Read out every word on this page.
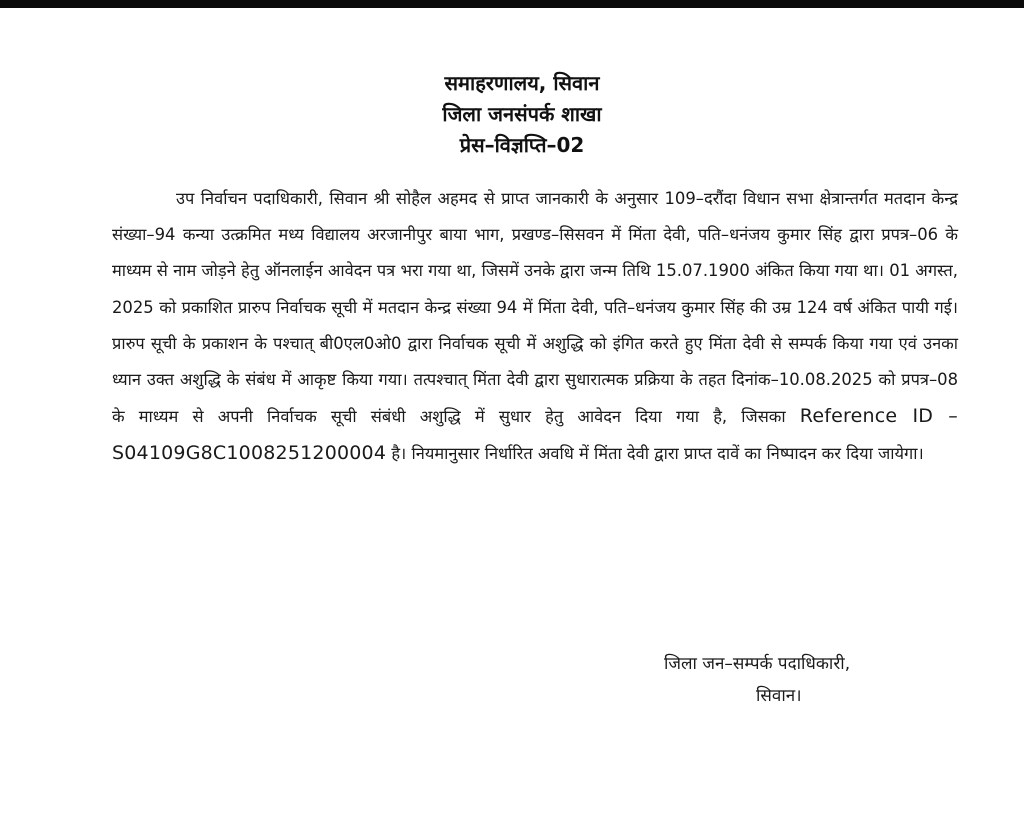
समाहरणालय, सिवान
जिला जनसंपर्क शाखा
प्रेस–विज्ञप्ति–02

उप निर्वाचन पदाधिकारी, सिवान श्री सोहैल अहमद से प्राप्त जानकारी के अनुसार 109–दरौंदा विधान सभा क्षेत्रान्तर्गत मतदान केन्द्र संख्या–94 कन्या उत्क्रमित मध्य विद्यालय अरजानीपुर बाया भाग, प्रखण्ड–सिसवन में मिंता देवी, पति–धनंजय कुमार सिंह द्वारा प्रपत्र–06 के माध्यम से नाम जोड़ने हेतु ऑनलाईन आवेदन पत्र भरा गया था, जिसमें उनके द्वारा जन्म तिथि 15.07.1900 अंकित किया गया था। 01 अगस्त, 2025 को प्रकाशित प्रारुप निर्वाचक सूची में मतदान केन्द्र संख्या 94 में मिंता देवी, पति–धनंजय कुमार सिंह की उम्र 124 वर्ष अंकित पायी गई। प्रारुप सूची के प्रकाशन के पश्चात् बी0एल0ओ0 द्वारा निर्वाचक सूची में अशुद्धि को इंगित करते हुए मिंता देवी से सम्पर्क किया गया एवं उनका ध्यान उक्त अशुद्धि के संबंध में आकृष्ट किया गया। तत्पश्चात् मिंता देवी द्वारा सुधारात्मक प्रक्रिया के तहत दिनांक–10.08.2025 को प्रपत्र–08 के माध्यम से अपनी निर्वाचक सूची संबंधी अशुद्धि में सुधार हेतु आवेदन दिया गया है, जिसका Reference ID – S04109G8C1008251200004 है। नियमानुसार निर्धारित अवधि में मिंता देवी द्वारा प्राप्त दावें का निष्पादन कर दिया जायेगा।

जिला जन–सम्पर्क पदाधिकारी,
सिवान।
